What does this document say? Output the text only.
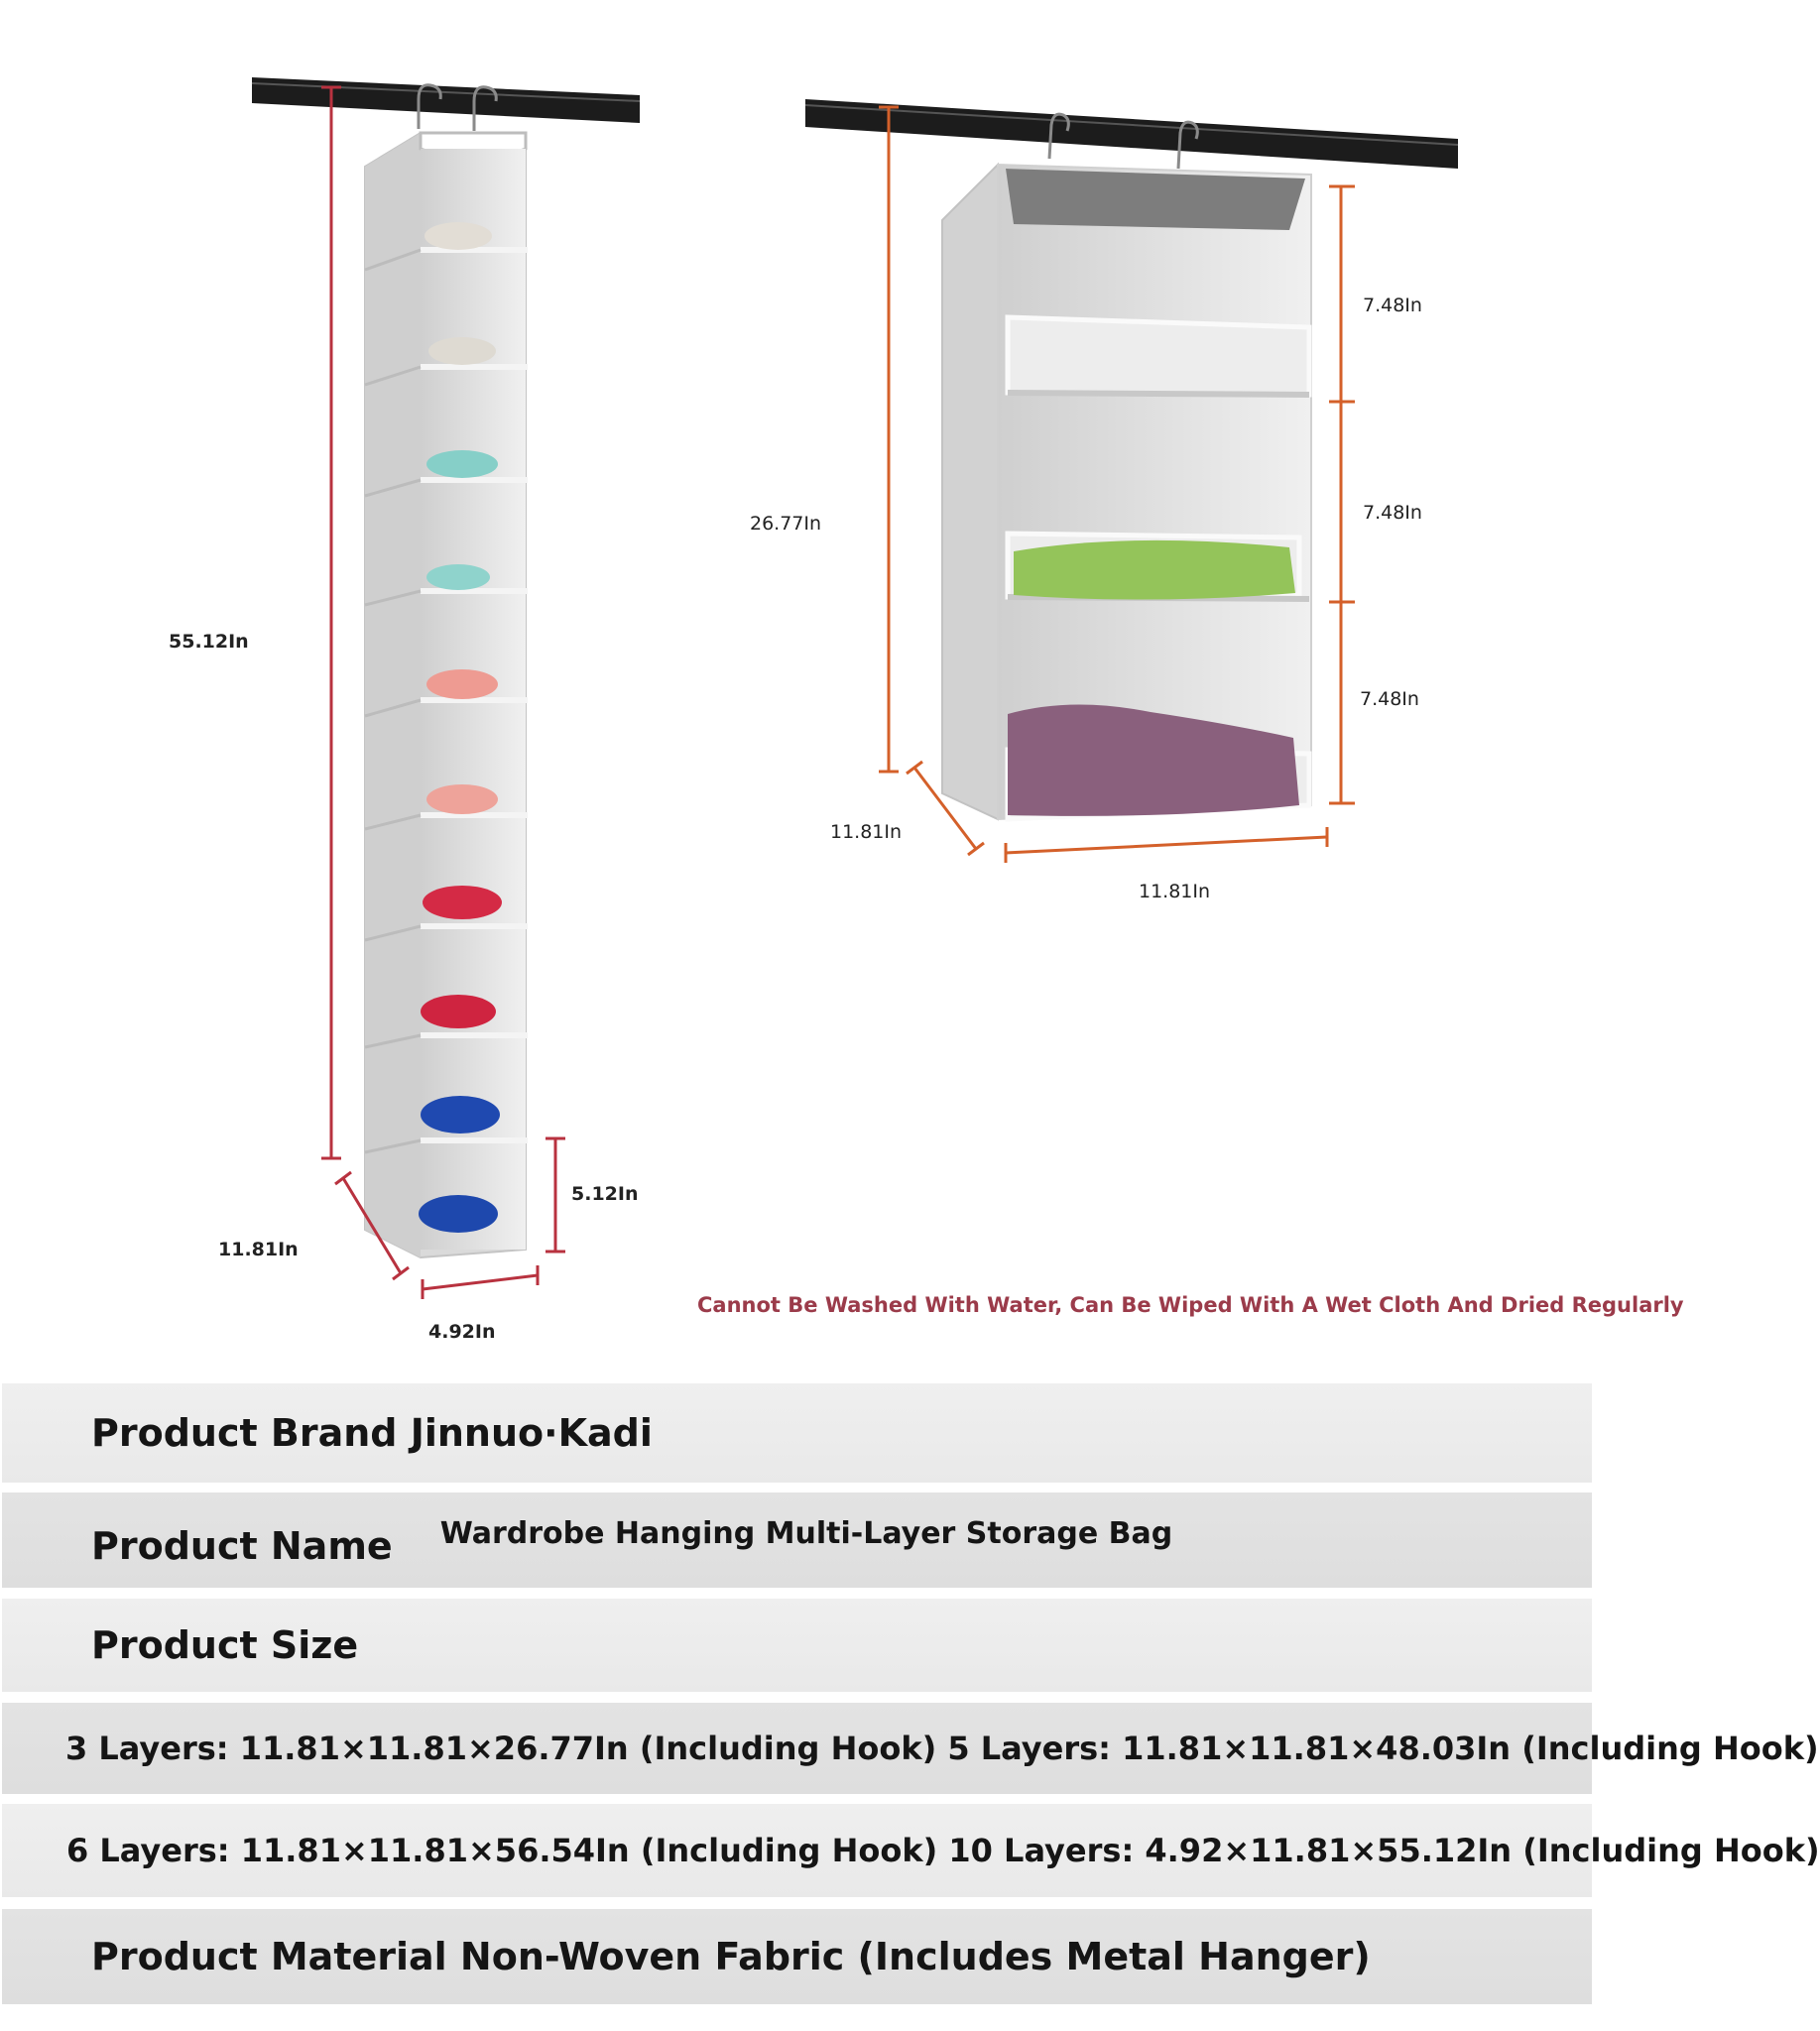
55.12In
11.81In
4.92In
5.12In
26.77In
7.48In
7.48In
7.48In
11.81In
11.81In
Cannot Be Washed With Water, Can Be Wiped With A Wet Cloth And Dried Regularly
Product Brand Jinnuo·Kadi
Product Name Wardrobe Hanging Multi-Layer Storage Bag
Product Size
3 Layers: 11.81×11.81×26.77In (Including Hook) 5 Layers: 11.81×11.81×48.03In (Including Hook)
6 Layers: 11.81×11.81×56.54In (Including Hook) 10 Layers: 4.92×11.81×55.12In (Including Hook)
Product Material Non-Woven Fabric (Includes Metal Hanger)
